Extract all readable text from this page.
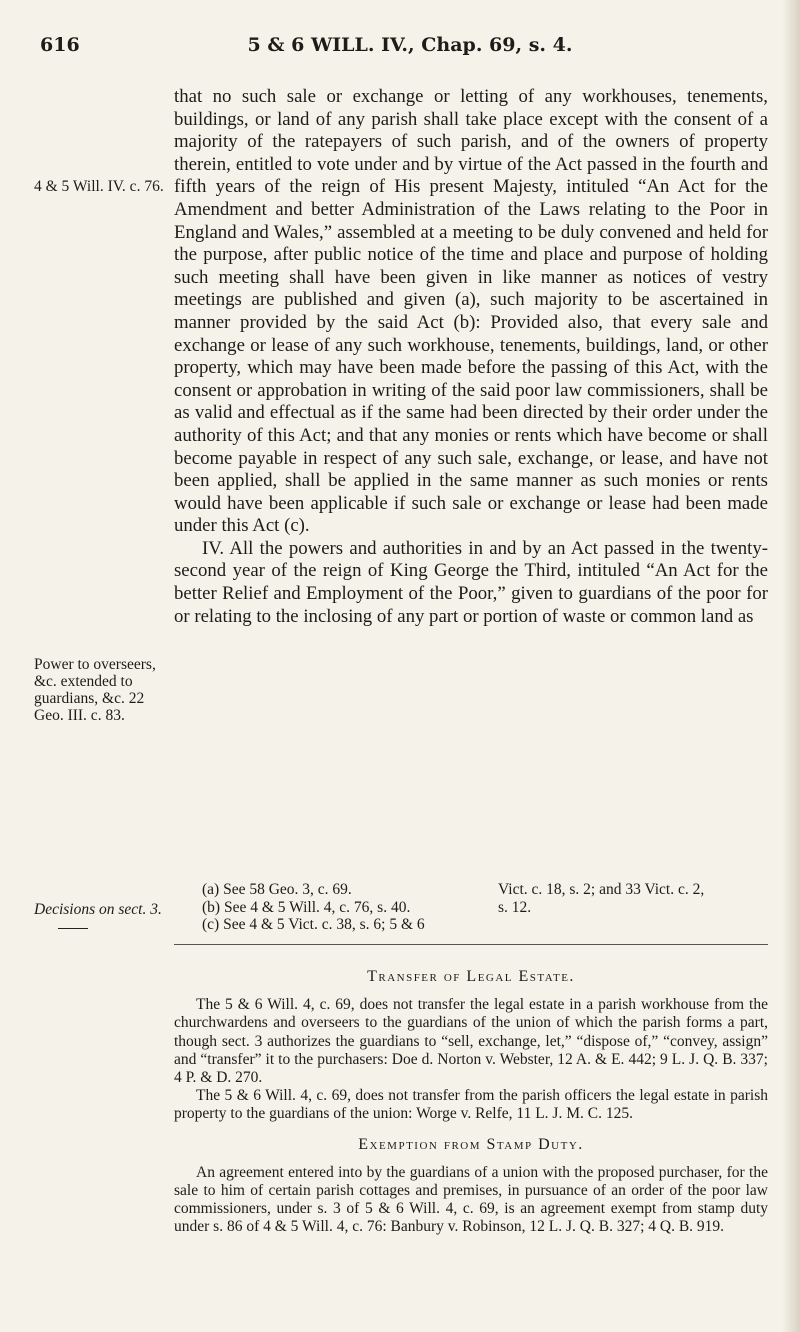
616	5 & 6 WILL. IV., Chap. 69, s. 4.
4 & 5 Will. IV. c. 76.
Power to overseers, &c. extended to guardians, &c. 22 Geo. III. c. 83.
Decisions on sect. 3.

that no such sale or exchange or letting of any workhouses, tenements, buildings, or land of any parish shall take place except with the consent of a majority of the ratepayers of such parish, and of the owners of property therein, entitled to vote under and by virtue of the Act passed in the fourth and fifth years of the reign of His present Majesty, intituled “An Act for the Amendment and better Administration of the Laws relating to the Poor in England and Wales,” assembled at a meeting to be duly convened and held for the purpose, after public notice of the time and place and purpose of holding such meeting shall have been given in like manner as notices of vestry meetings are published and given (a), such majority to be ascertained in manner provided by the said Act (b): Provided also, that every sale and exchange or lease of any such workhouse, tenements, buildings, land, or other property, which may have been made before the passing of this Act, with the consent or approbation in writing of the said poor law commissioners, shall be as valid and effectual as if the same had been directed by their order under the authority of this Act; and that any monies or rents which have become or shall become payable in respect of any such sale, exchange, or lease, and have not been applied, shall be applied in the same manner as such monies or rents would have been applicable if such sale or exchange or lease had been made under this Act (c).

IV. All the powers and authorities in and by an Act passed in the twenty-second year of the reign of King George the Third, intituled “An Act for the better Relief and Employment of the Poor,” given to guardians of the poor for or relating to the inclosing of any part or portion of waste or common land as

(a) See 58 Geo. 3, c. 69.	Vict. c. 18, s. 2; and 33 Vict. c. 2,
(b) See 4 & 5 Will. 4, c. 76, s. 40.	s. 12.
(c) See 4 & 5 Vict. c. 38, s. 6; 5 & 6
Transfer of Legal Estate.

The 5 & 6 Will. 4, c. 69, does not transfer the legal estate in a parish workhouse from the churchwardens and overseers to the guardians of the union of which the parish forms a part, though sect. 3 authorizes the guardians to “sell, exchange, let,” “dispose of,” “convey, assign” and “transfer” it to the purchasers: Doe d. Norton v. Webster, 12 A. & E. 442; 9 L. J. Q. B. 337; 4 P. & D. 270.

The 5 & 6 Will. 4, c. 69, does not transfer from the parish officers the legal estate in parish property to the guardians of the union: Worge v. Relfe, 11 L. J. M. C. 125.

Exemption from Stamp Duty.

An agreement entered into by the guardians of a union with the proposed purchaser, for the sale to him of certain parish cottages and premises, in pursuance of an order of the poor law commissioners, under s. 3 of 5 & 6 Will. 4, c. 69, is an agreement exempt from stamp duty under s. 86 of 4 & 5 Will. 4, c. 76: Banbury v. Robinson, 12 L. J. Q. B. 327; 4 Q. B. 919.
